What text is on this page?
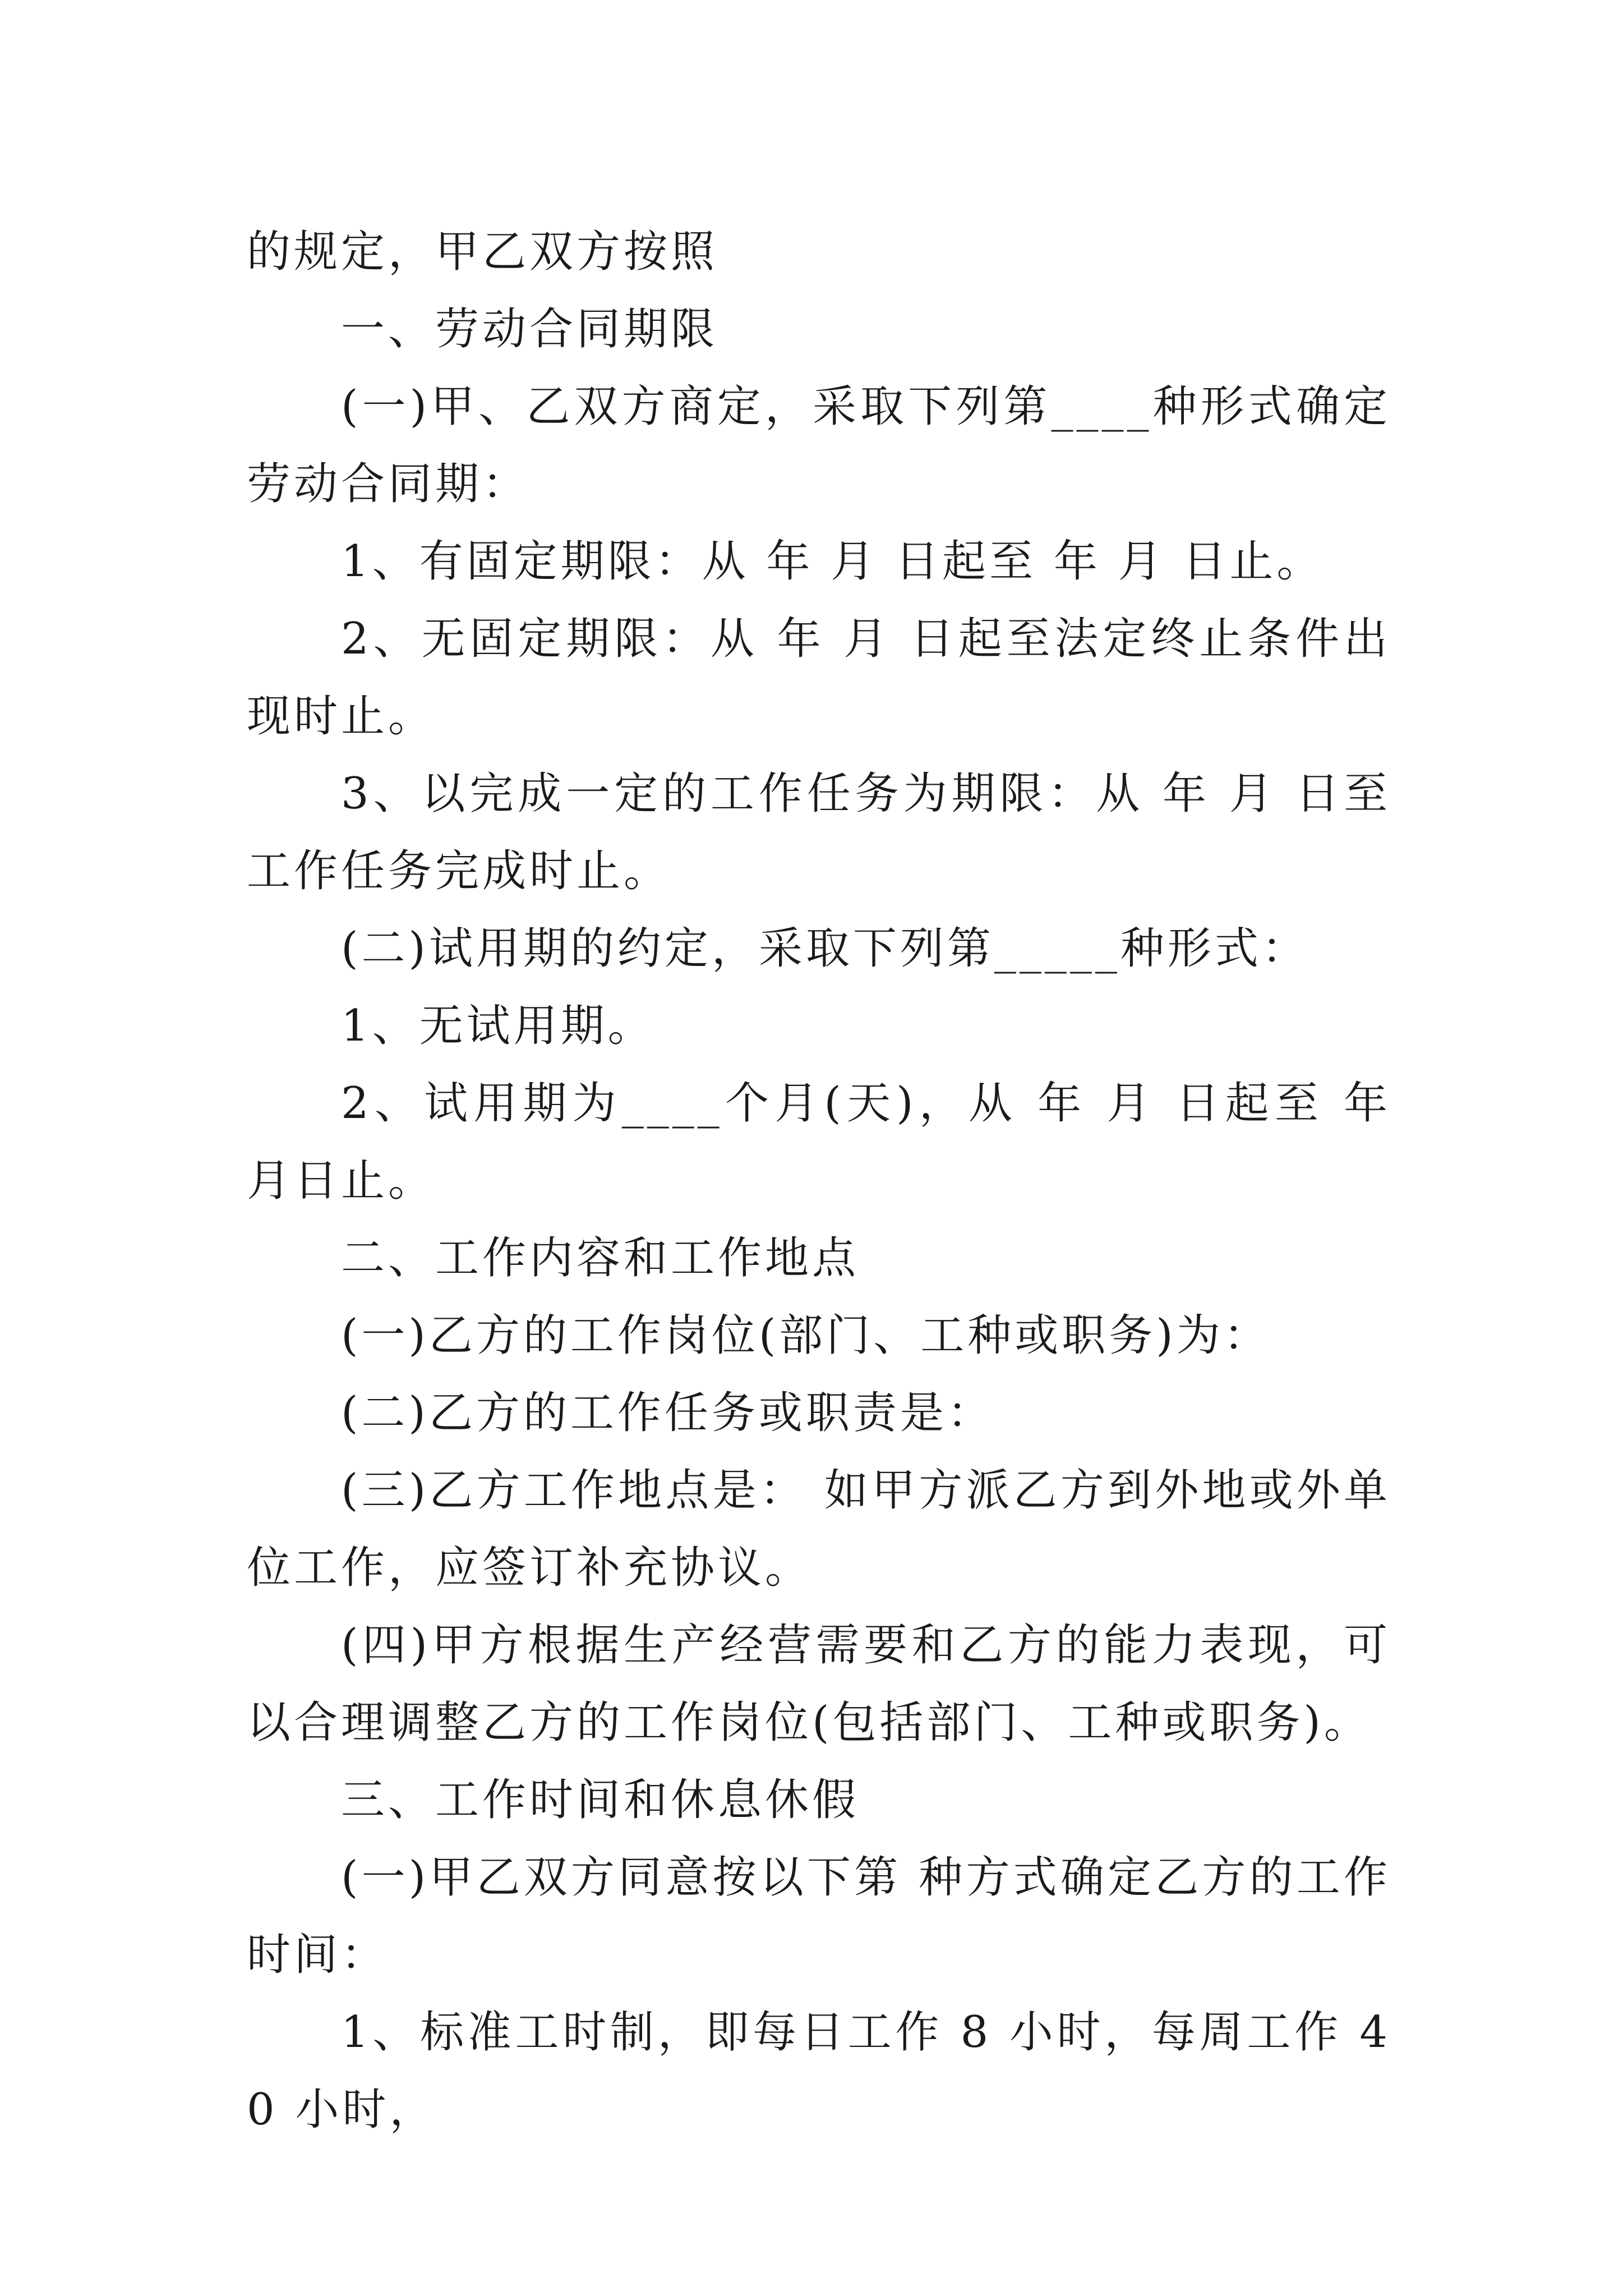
的规定，甲乙双方按照

一、劳动合同期限

(一)甲、乙双方商定，采取下列第____种形式确定劳动合同期：

1、有固定期限：从 年 月 日起至 年 月 日止。

2、无固定期限：从 年 月 日起至法定终止条件出现时止。

3、以完成一定的工作任务为期限：从 年 月 日至 工作任务完成时止。

(二)试用期的约定，采取下列第_____种形式：

1、无试用期。

2、试用期为____个月(天)，从 年 月 日起至 年 月日止。

二、工作内容和工作地点

(一)乙方的工作岗位(部门、工种或职务)为：

(二)乙方的工作任务或职责是：

(三)乙方工作地点是： 如甲方派乙方到外地或外单位工作，应签订补充协议。

(四)甲方根据生产经营需要和乙方的能力表现，可以合理调整乙方的工作岗位(包括部门、工种或职务)。

三、工作时间和休息休假

(一)甲乙双方同意按以下第 种方式确定乙方的工作时间：

1、标准工时制，即每日工作 8 小时，每周工作 40 小时，
